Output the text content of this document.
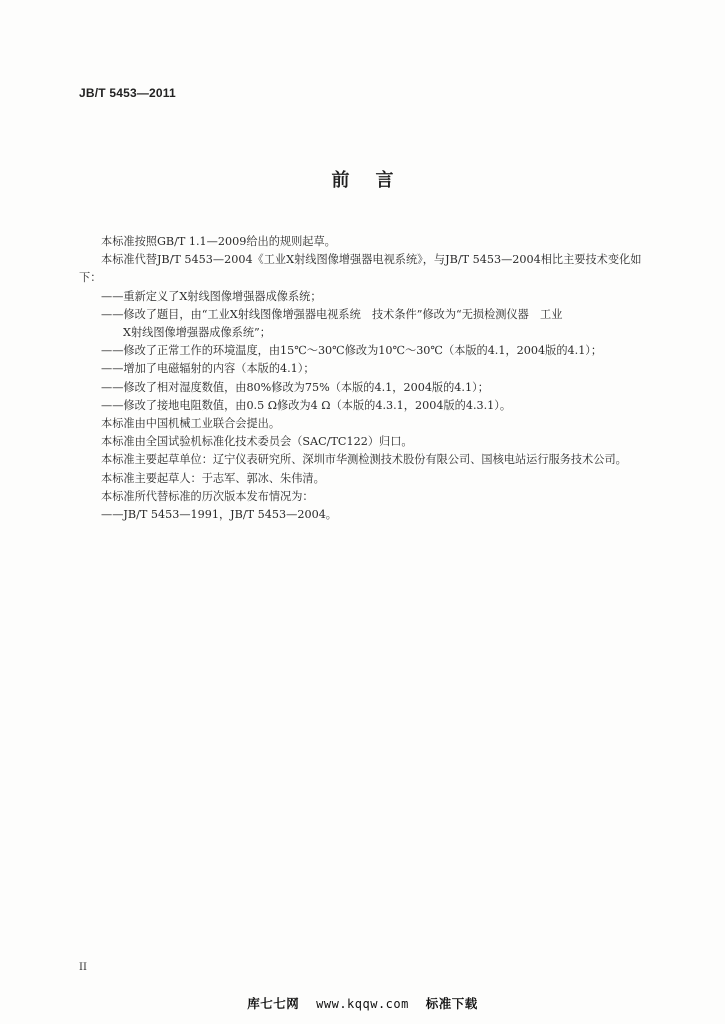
JB/T 5453—2011
前言

本标准按照GB/T 1.1—2009给出的规则起草。

本标准代替JB/T 5453—2004《工业X射线图像增强器电视系统》，与JB/T 5453—2004相比主要技术变化如下：

——重新定义了X射线图像增强器成像系统；

——修改了题目，由“工业X射线图像增强器电视系统　技术条件”修改为“无损检测仪器　工业

X射线图像增强器成像系统”；

——修改了正常工作的环境温度，由15℃～30℃修改为10℃～30℃（本版的4.1，2004版的4.1）；

——增加了电磁辐射的内容（本版的4.1）；

——修改了相对湿度数值，由80%修改为75%（本版的4.1，2004版的4.1）；

——修改了接地电阻数值，由0.5 Ω修改为4 Ω（本版的4.3.1，2004版的4.3.1）。

本标准由中国机械工业联合会提出。

本标准由全国试验机标准化技术委员会（SAC/TC122）归口。

本标准主要起草单位：辽宁仪表研究所、深圳市华测检测技术股份有限公司、国核电站运行服务技术公司。

本标准主要起草人：于志军、郭冰、朱伟清。

本标准所代替标准的历次版本发布情况为：

——JB/T 5453—1991，JB/T 5453—2004。

II
库七七网 www.kqqw.com 标准下载
